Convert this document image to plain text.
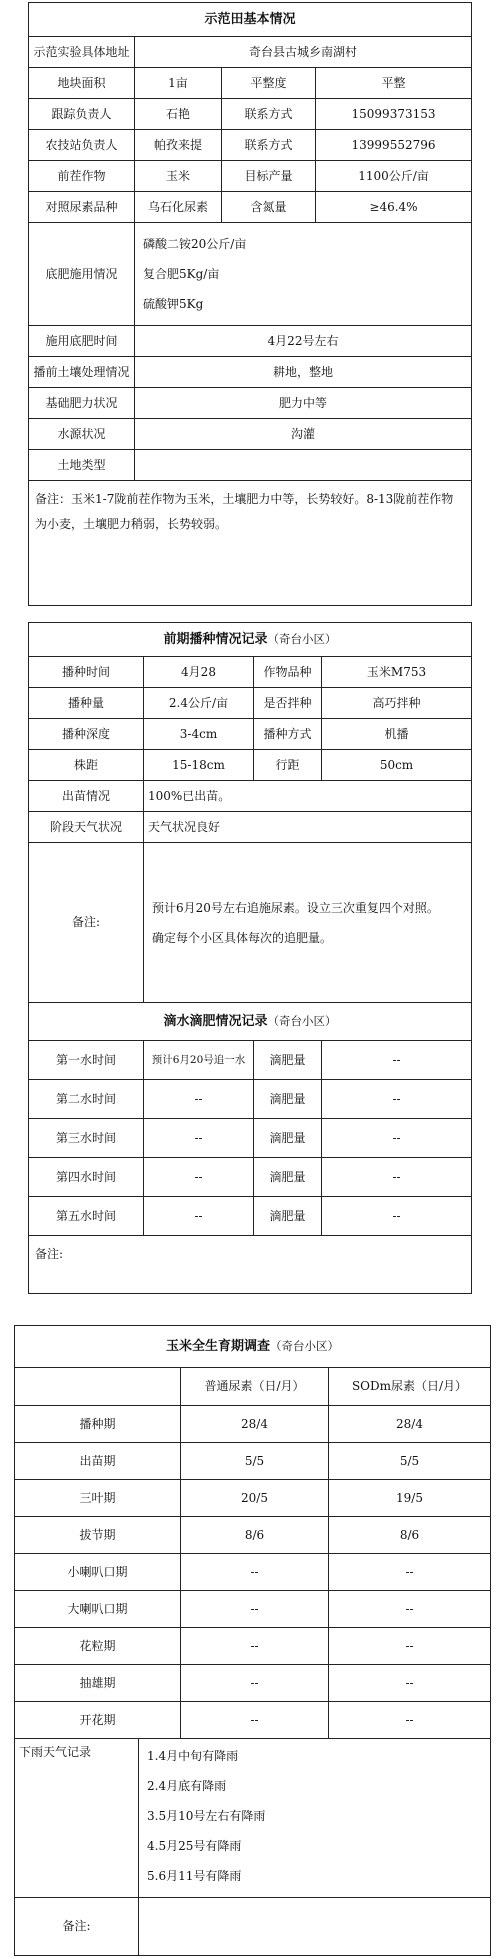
示范田基本情况			
示范实验具体地址	奇台县古城乡南湖村		
地块面积	1亩	平整度	平整
跟踪负责人	石艳	联系方式	15099373153
农技站负责人	帕孜来提	联系方式	13999552796
前茬作物	玉米	目标产量	1100公斤/亩
对照尿素品种	乌石化尿素	含氮量	≥46.4%
底肥施用情况	磷酸二铵20公斤/亩
复合肥5Kg/亩
硫酸钾5Kg		

施用底肥时间	4月22号左右		
播前土壤处理情况	耕地，整地		
基础肥力状况	肥力中等		
水源状况	沟灌		
土地类型			
备注：玉米1-7陇前茬作物为玉米，土壤肥力中等，长势较好。8-13陇前茬作物为小麦，土壤肥力稍弱，长势较弱。			
前期播种情况记录（奇台小区）			
播种时间	4月28	作物品种	玉米M753
播种量	2.4公斤/亩	是否拌种	高巧拌种
播种深度	3-4cm	播种方式	机播
株距	15-18cm	行距	50cm
出苗情况	100%已出苗。		
阶段天气状况	天气状况良好		
备注:	预计6月20号左右追施尿素。设立三次重复四个对照。
确定每个小区具体每次的追肥量。		

滴水滴肥情况记录（奇台小区）			
第一水时间	预计6月20号追一水	滴肥量	--
第二水时间	--	滴肥量	--
第三水时间	--	滴肥量	--
第四水时间	--	滴肥量	--
第五水时间	--	滴肥量	--
备注:			
玉米全生育期调查（奇台小区）			
		普通尿素（日/月）	SODm尿素（日/月）
播种期		28/4	28/4
出苗期		5/5	5/5
三叶期		20/5	19/5
拔节期		8/6	8/6
小喇叭口期		--	--
大喇叭口期		--	--
花粒期		--	--
抽雄期		--	--
开花期		--	--
下雨天气记录	1.4月中旬有降雨
2.4月底有降雨
3.5月10号左右有降雨
4.5月25号有降雨
5.6月11号有降雨		

备注:			
